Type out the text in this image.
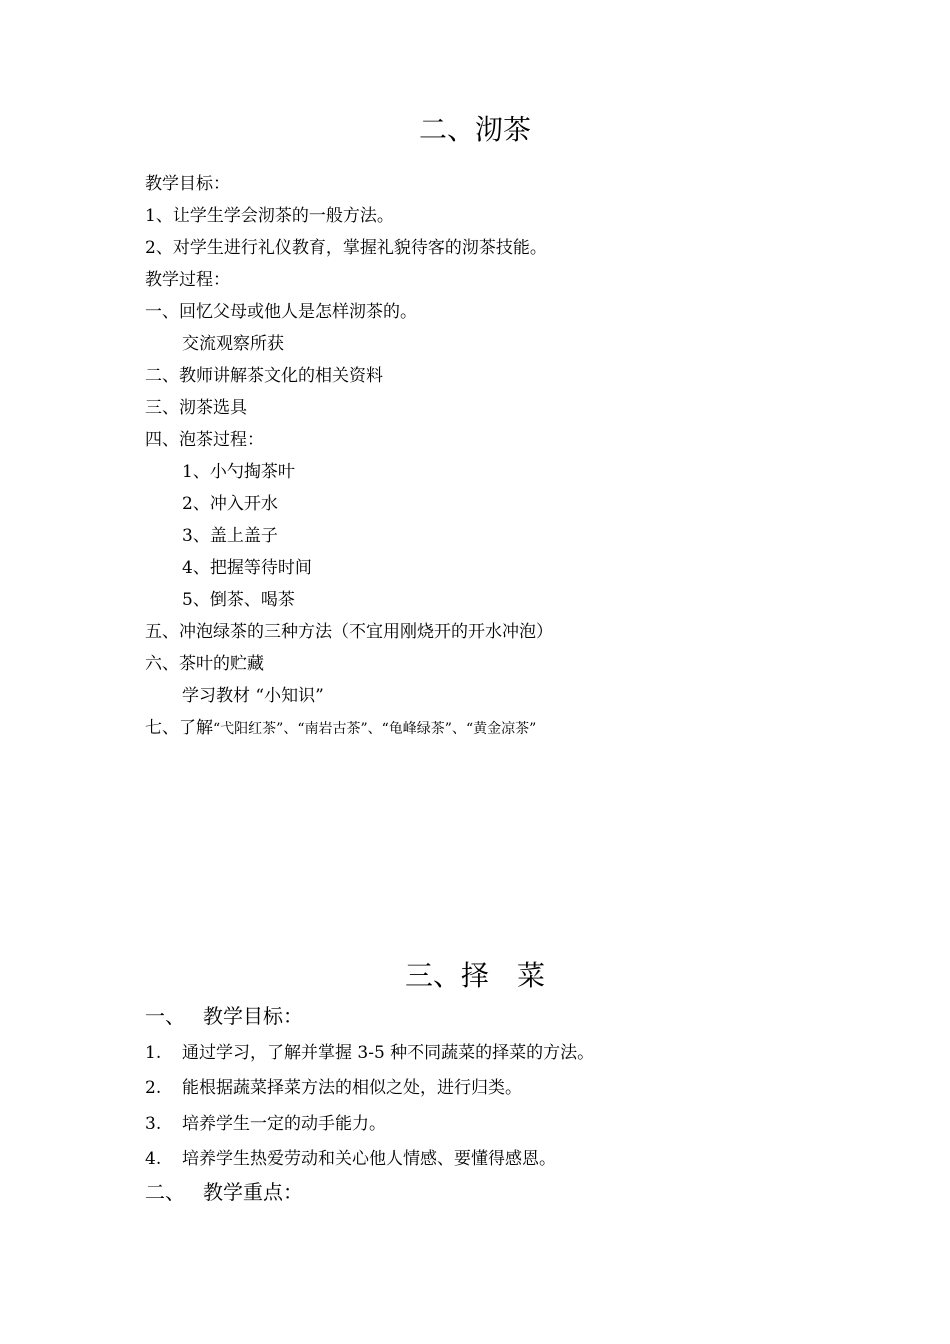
二、沏茶
教学目标：
1、让学生学会沏茶的一般方法。
2、对学生进行礼仪教育，掌握礼貌待客的沏茶技能。
教学过程：
一、回忆父母或他人是怎样沏茶的。
交流观察所获
二、教师讲解茶文化的相关资料
三、沏茶选具
四、泡茶过程：
1、小勺掏茶叶
2、冲入开水
3、盖上盖子
4、把握等待时间
5、倒茶、喝茶
五、冲泡绿茶的三种方法（不宜用刚烧开的开水冲泡）
六、茶叶的贮藏
学习教材 “小知识”
七、了解“弋阳红茶”、“南岩古茶”、“龟峰绿茶”、“黄金凉茶”
三、择　菜
一、 教学目标：
1. 通过学习，了解并掌握 3-5 种不同蔬菜的择菜的方法。
2. 能根据蔬菜择菜方法的相似之处，进行归类。
3. 培养学生一定的动手能力。
4. 培养学生热爱劳动和关心他人情感、要懂得感恩。
二、 教学重点：
